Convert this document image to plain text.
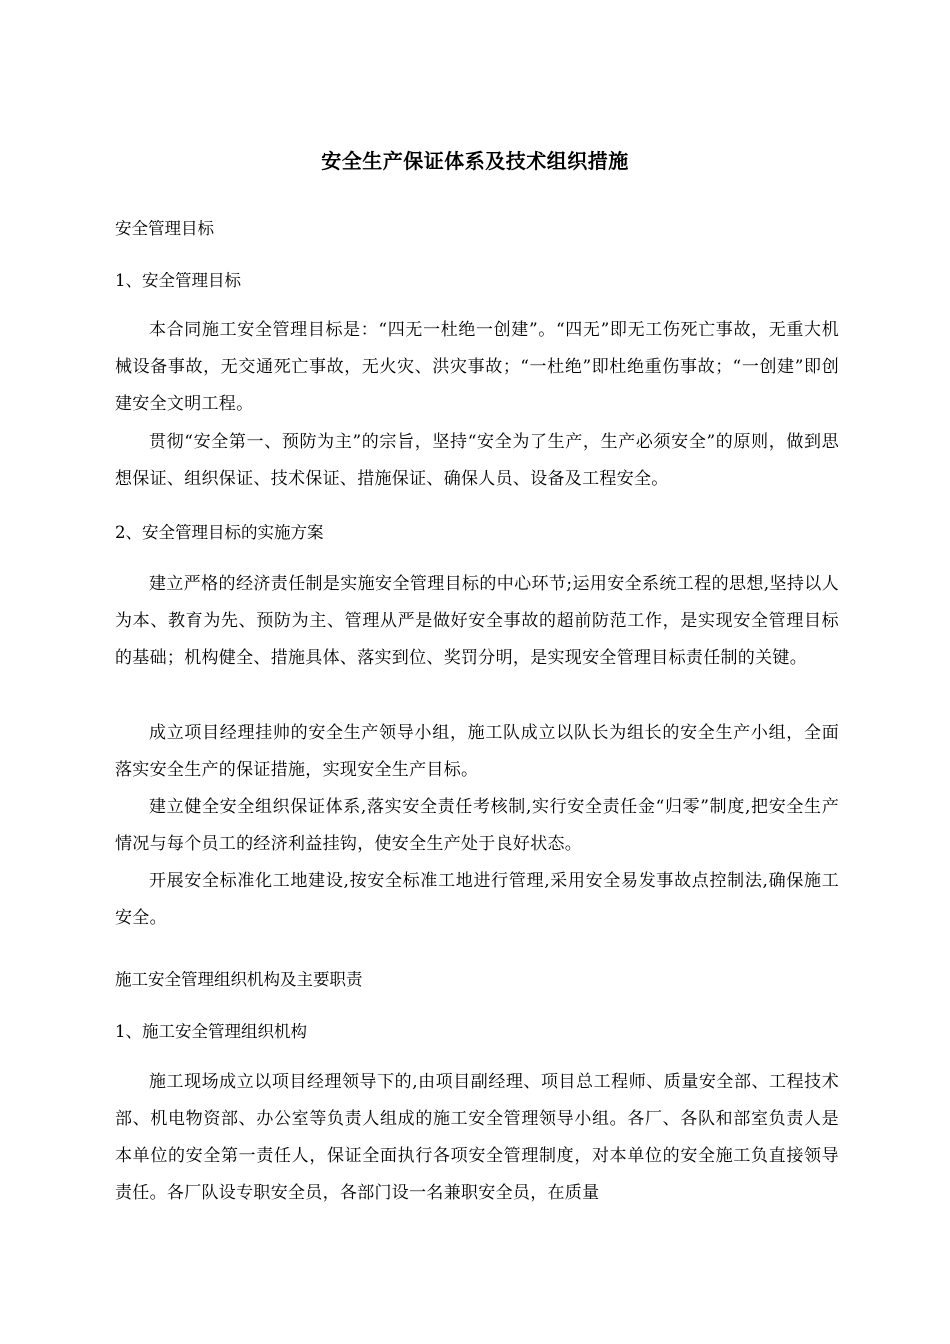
安全生产保证体系及技术组织措施
安全管理目标
1、安全管理目标
本合同施工安全管理目标是：“四无一杜绝一创建”。“四无”即无工伤死亡事故，无重大机械设备事故，无交通死亡事故，无火灾、洪灾事故；“一杜绝”即杜绝重伤事故；“一创建”即创建安全文明工程。
贯彻“安全第一、预防为主”的宗旨，坚持“安全为了生产，生产必须安全”的原则，做到思想保证、组织保证、技术保证、措施保证、确保人员、设备及工程安全。
2、安全管理目标的实施方案
建立严格的经济责任制是实施安全管理目标的中心环节;运用安全系统工程的思想,坚持以人为本、教育为先、预防为主、管理从严是做好安全事故的超前防范工作，是实现安全管理目标的基础；机构健全、措施具体、落实到位、奖罚分明，是实现安全管理目标责任制的关键。
成立项目经理挂帅的安全生产领导小组，施工队成立以队长为组长的安全生产小组，全面落实安全生产的保证措施，实现安全生产目标。
建立健全安全组织保证体系,落实安全责任考核制,实行安全责任金“归零”制度,把安全生产情况与每个员工的经济利益挂钩，使安全生产处于良好状态。
开展安全标准化工地建设,按安全标准工地进行管理,采用安全易发事故点控制法,确保施工安全。
施工安全管理组织机构及主要职责
1、施工安全管理组织机构
施工现场成立以项目经理领导下的,由项目副经理、项目总工程师、质量安全部、工程技术部、机电物资部、办公室等负责人组成的施工安全管理领导小组。各厂、各队和部室负责人是本单位的安全第一责任人，保证全面执行各项安全管理制度，对本单位的安全施工负直接领导责任。各厂队设专职安全员，各部门设一名兼职安全员，在质量
